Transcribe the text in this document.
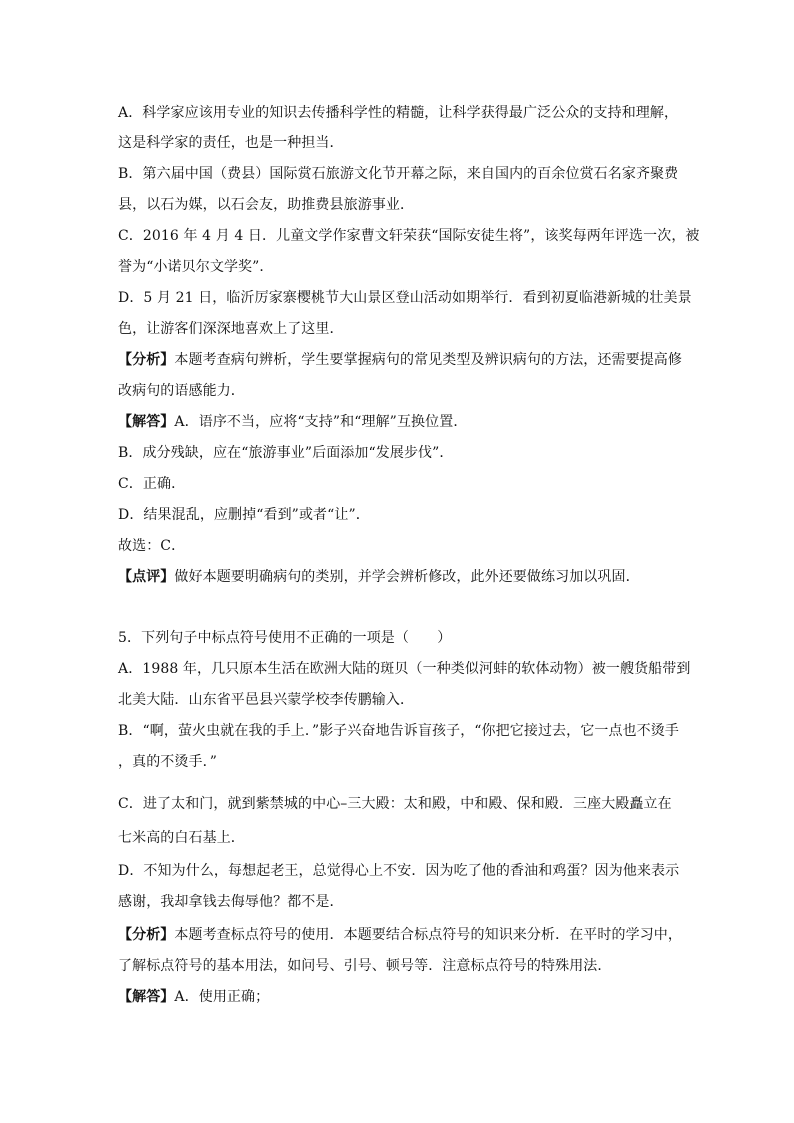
A．科学家应该用专业的知识去传播科学性的精髓，让科学获得最广泛公众的支持和理解，
这是科学家的责任，也是一种担当．
B．第六届中国（费县）国际赏石旅游文化节开幕之际，来自国内的百余位赏石名家齐聚费
县，以石为媒，以石会友，助推费县旅游事业．
C．2016 年 4 月 4 日．儿童文学作家曹文轩荣获“国际安徒生将”，该奖每两年评选一次，被
誉为“小诺贝尔文学奖”．
D．5 月 21 日，临沂厉家寨樱桃节大山景区登山活动如期举行．看到初夏临港新城的壮美景
色，让游客们深深地喜欢上了这里．
【分析】本题考查病句辨析，学生要掌握病句的常见类型及辨识病句的方法，还需要提高修
改病句的语感能力．
【解答】A．语序不当，应将“支持”和“理解”互换位置．
B．成分残缺，应在“旅游事业”后面添加“发展步伐”．
C．正确．
D．结果混乱，应删掉“看到”或者“让”．
故选：C．
【点评】做好本题要明确病句的类别，并学会辨析修改，此外还要做练习加以巩固．
5．下列句子中标点符号使用不正确的一项是（　　）
A．1988 年，几只原本生活在欧洲大陆的斑贝（一种类似河蚌的软体动物）被一艘货船带到
北美大陆．山东省平邑县兴蒙学校李传鹏输入．
B．“啊，萤火虫就在我的手上．”影子兴奋地告诉盲孩子，“你把它接过去，它一点也不烫手
，真的不烫手．”
C．进了太和门，就到紫禁城的中心–三大殿：太和殿，中和殿、保和殿．三座大殿矗立在
七米高的白石基上．
D．不知为什么，每想起老王，总觉得心上不安．因为吃了他的香油和鸡蛋？因为他来表示
感谢，我却拿钱去侮辱他？都不是．
【分析】本题考查标点符号的使用．本题要结合标点符号的知识来分析．在平时的学习中，
了解标点符号的基本用法，如问号、引号、顿号等．注意标点符号的特殊用法．
【解答】A．使用正确；
